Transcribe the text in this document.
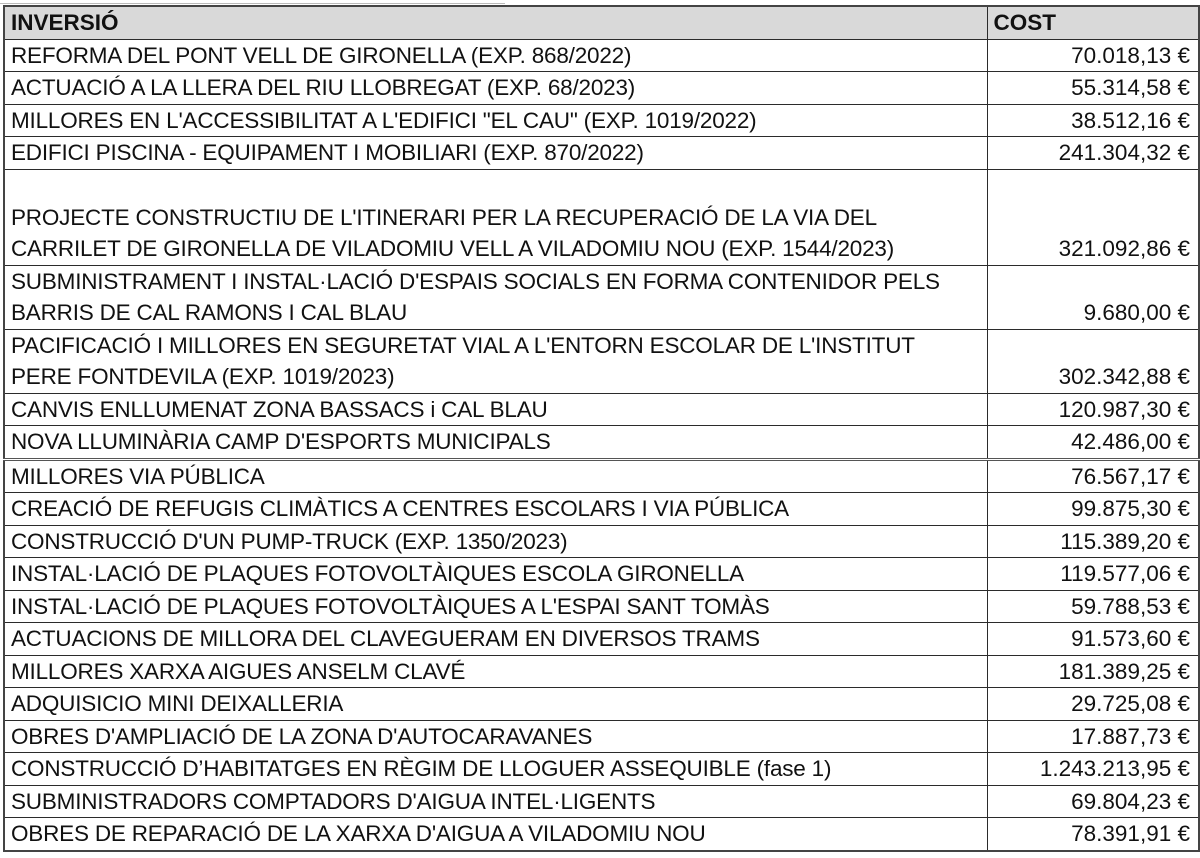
INVERSIÓ	COST
REFORMA DEL PONT VELL DE GIRONELLA (EXP. 868/2022)	70.018,13 €
ACTUACIÓ A LA LLERA DEL RIU LLOBREGAT (EXP. 68/2023)	55.314,58 €
MILLORES EN L'ACCESSIBILITAT A L'EDIFICI "EL CAU" (EXP. 1019/2022)	38.512,16 €
EDIFICI PISCINA - EQUIPAMENT I MOBILIARI (EXP. 870/2022)	241.304,32 €
PROJECTE CONSTRUCTIU DE L'ITINERARI PER LA RECUPERACIÓ DE LA VIA DEL CARRILET DE GIRONELLA DE VILADOMIU VELL A VILADOMIU NOU (EXP. 1544/2023)	321.092,86 €
SUBMINISTRAMENT I INSTAL·LACIÓ D'ESPAIS SOCIALS EN FORMA CONTENIDOR PELS BARRIS DE CAL RAMONS I CAL BLAU	9.680,00 €
PACIFICACIÓ I MILLORES EN SEGURETAT VIAL A L'ENTORN ESCOLAR DE L'INSTITUT PERE FONTDEVILA (EXP. 1019/2023)	302.342,88 €
CANVIS ENLLUMENAT ZONA BASSACS i CAL BLAU	120.987,30 €
NOVA LLUMINÀRIA CAMP D'ESPORTS MUNICIPALS	42.486,00 €
MILLORES VIA PÚBLICA	76.567,17 €
CREACIÓ DE REFUGIS CLIMÀTICS A CENTRES ESCOLARS I VIA PÚBLICA	99.875,30 €
CONSTRUCCIÓ D'UN PUMP-TRUCK (EXP. 1350/2023)	115.389,20 €
INSTAL·LACIÓ DE PLAQUES FOTOVOLTÀIQUES ESCOLA GIRONELLA	119.577,06 €
INSTAL·LACIÓ DE PLAQUES FOTOVOLTÀIQUES A L'ESPAI SANT TOMÀS	59.788,53 €
ACTUACIONS DE MILLORA DEL CLAVEGUERAM EN DIVERSOS TRAMS	91.573,60 €
MILLORES XARXA AIGUES ANSELM CLAVÉ	181.389,25 €
ADQUISICIO MINI DEIXALLERIA	29.725,08 €
OBRES D'AMPLIACIÓ DE LA ZONA D'AUTOCARAVANES	17.887,73 €
CONSTRUCCIÓ D’HABITATGES EN RÈGIM DE LLOGUER ASSEQUIBLE (fase 1)	1.243.213,95 €
SUBMINISTRADORS COMPTADORS D'AIGUA INTEL·LIGENTS	69.804,23 €
OBRES DE REPARACIÓ DE LA XARXA D'AIGUA A VILADOMIU NOU	78.391,91 €
